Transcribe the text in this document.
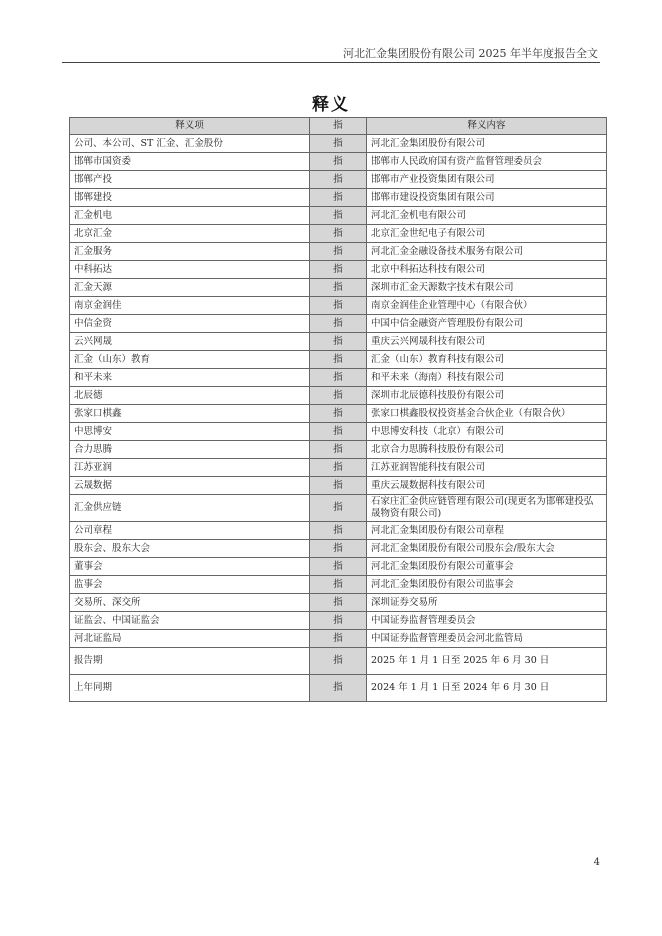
河北汇金集团股份有限公司 2025 年半年度报告全文
释义
释义项	指	释义内容
公司、本公司、ST 汇金、汇金股份	指	河北汇金集团股份有限公司
邯郸市国资委	指	邯郸市人民政府国有资产监督管理委员会
邯郸产投	指	邯郸市产业投资集团有限公司
邯郸建投	指	邯郸市建设投资集团有限公司
汇金机电	指	河北汇金机电有限公司
北京汇金	指	北京汇金世纪电子有限公司
汇金服务	指	河北汇金金融设备技术服务有限公司
中科拓达	指	北京中科拓达科技有限公司
汇金天源	指	深圳市汇金天源数字技术有限公司
南京金润佳	指	南京金润佳企业管理中心（有限合伙）
中信金资	指	中国中信金融资产管理股份有限公司
云兴网晟	指	重庆云兴网晟科技有限公司
汇金（山东）教育	指	汇金（山东）教育科技有限公司
和平未来	指	和平未来（海南）科技有限公司
北辰德	指	深圳市北辰德科技股份有限公司
张家口棋鑫	指	张家口棋鑫股权投资基金合伙企业（有限合伙）
中思博安	指	中思博安科技（北京）有限公司
合力思腾	指	北京合力思腾科技股份有限公司
江苏亚润	指	江苏亚润智能科技有限公司
云晟数据	指	重庆云晟数据科技有限公司
汇金供应链	指	石家庄汇金供应链管理有限公司(现更名为邯郸建投弘晟物资有限公司)
公司章程	指	河北汇金集团股份有限公司章程
股东会、股东大会	指	河北汇金集团股份有限公司股东会/股东大会
董事会	指	河北汇金集团股份有限公司董事会
监事会	指	河北汇金集团股份有限公司监事会
交易所、深交所	指	深圳证券交易所
证监会、中国证监会	指	中国证券监督管理委员会
河北证监局	指	中国证券监督管理委员会河北监管局
报告期	指	2025 年 1 月 1 日至 2025 年 6 月 30 日
上年同期	指	2024 年 1 月 1 日至 2024 年 6 月 30 日
4
